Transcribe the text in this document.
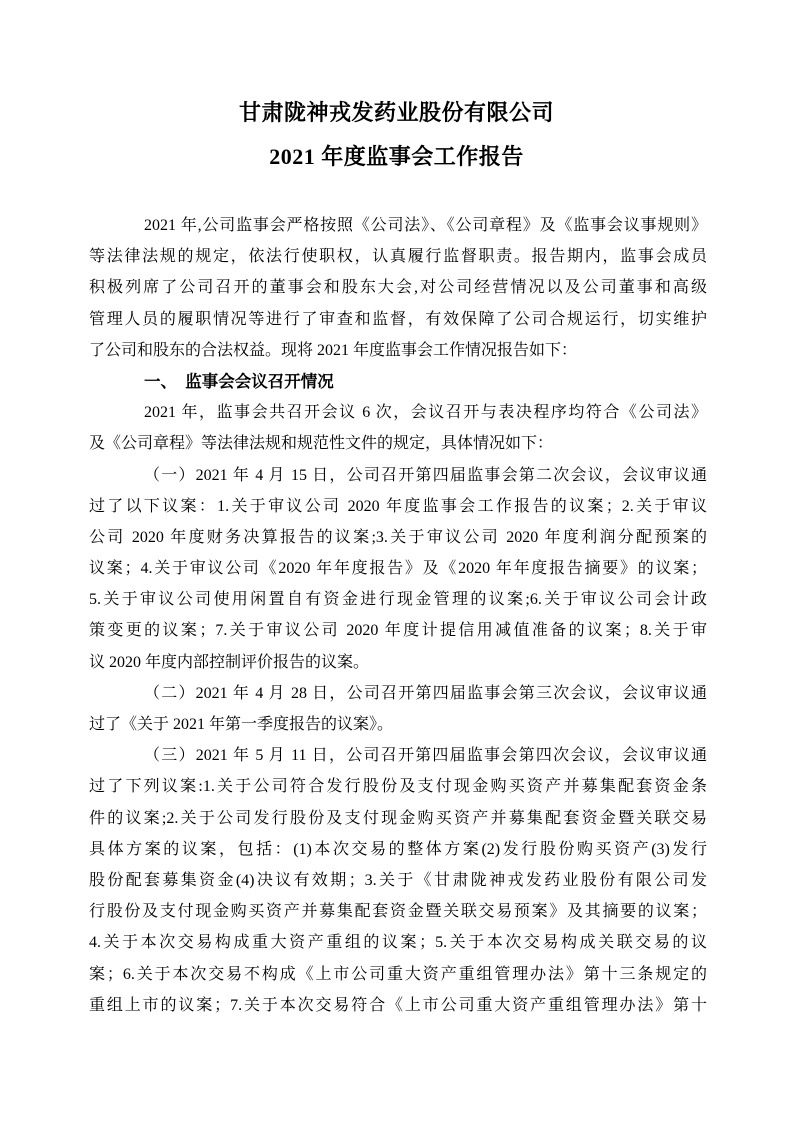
甘肃陇神戎发药业股份有限公司
2021 年度监事会工作报告
2021 年,公司监事会严格按照《公司法》、《公司章程》及《监事会议事规则》
等法律法规的规定，依法行使职权，认真履行监督职责。报告期内，监事会成员
积极列席了公司召开的董事会和股东大会,对公司经营情况以及公司董事和高级
管理人员的履职情况等进行了审查和监督，有效保障了公司合规运行，切实维护
了公司和股东的合法权益。现将 2021 年度监事会工作情况报告如下：
一、　监事会会议召开情况
2021 年，监事会共召开会议 6 次，会议召开与表决程序均符合《公司法》
及《公司章程》等法律法规和规范性文件的规定，具体情况如下：
（一）2021 年 4 月 15 日，公司召开第四届监事会第二次会议，会议审议通
过了以下议案：1.关于审议公司 2020 年度监事会工作报告的议案；2.关于审议
公司 2020 年度财务决算报告的议案;3.关于审议公司 2020 年度利润分配预案的
议案；4.关于审议公司《2020 年年度报告》及《2020 年年度报告摘要》的议案；
5.关于审议公司使用闲置自有资金进行现金管理的议案;6.关于审议公司会计政
策变更的议案；7.关于审议公司 2020 年度计提信用减值准备的议案；8.关于审
议 2020 年度内部控制评价报告的议案。
（二）2021 年 4 月 28 日，公司召开第四届监事会第三次会议，会议审议通
过了《关于 2021 年第一季度报告的议案》。
（三）2021 年 5 月 11 日，公司召开第四届监事会第四次会议，会议审议通
过了下列议案:1.关于公司符合发行股份及支付现金购买资产并募集配套资金条
件的议案;2.关于公司发行股份及支付现金购买资产并募集配套资金暨关联交易
具体方案的议案，包括：(1)本次交易的整体方案(2)发行股份购买资产(3)发行
股份配套募集资金(4)决议有效期；3.关于《甘肃陇神戎发药业股份有限公司发
行股份及支付现金购买资产并募集配套资金暨关联交易预案》及其摘要的议案；
4.关于本次交易构成重大资产重组的议案；5.关于本次交易构成关联交易的议
案；6.关于本次交易不构成《上市公司重大资产重组管理办法》第十三条规定的
重组上市的议案；7.关于本次交易符合《上市公司重大资产重组管理办法》第十
